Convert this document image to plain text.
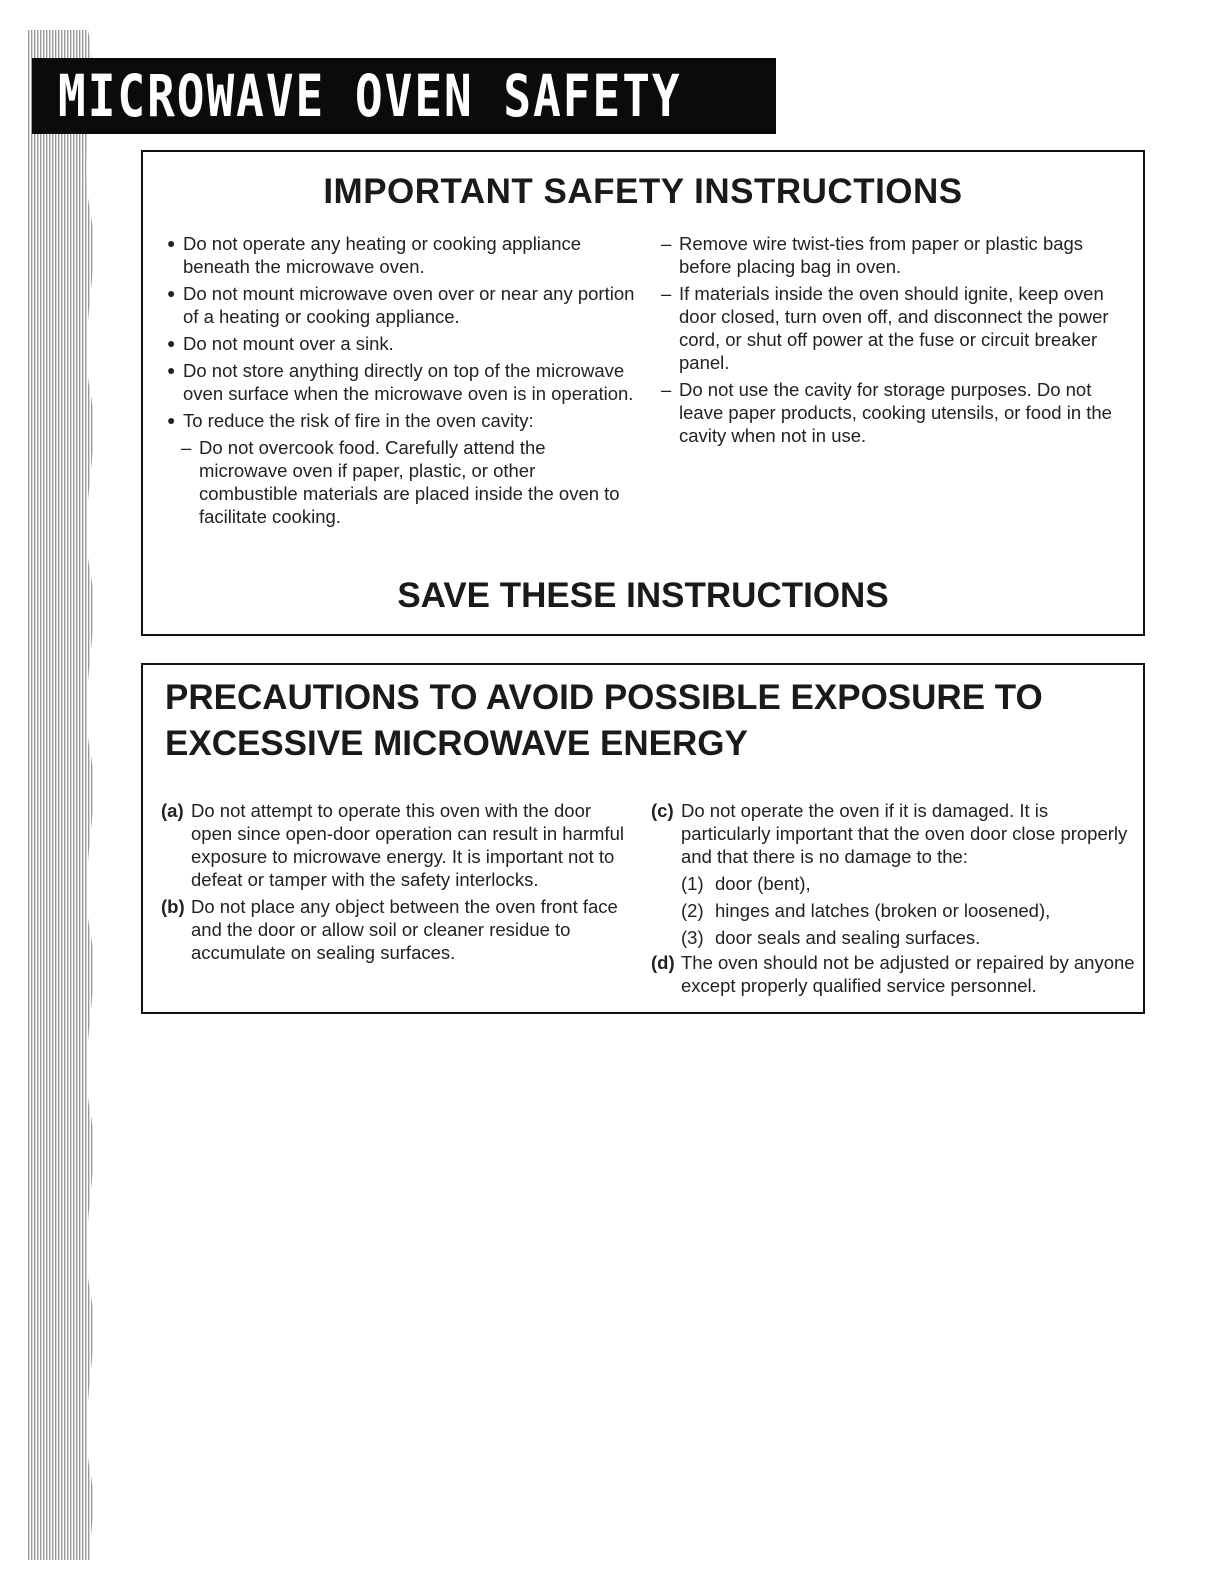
MICROWAVE OVEN SAFETY
IMPORTANT SAFETY INSTRUCTIONS
● Do not operate any heating or cooking appliance beneath the microwave oven.
● Do not mount microwave oven over or near any portion of a heating or cooking appliance.
● Do not mount over a sink.
● Do not store anything directly on top of the microwave oven surface when the microwave oven is in operation.
● To reduce the risk of fire in the oven cavity:
– Do not overcook food. Carefully attend the microwave oven if paper, plastic, or other combustible materials are placed inside the oven to facilitate cooking.
– Remove wire twist-ties from paper or plastic bags before placing bag in oven.
– If materials inside the oven should ignite, keep oven door closed, turn oven off, and disconnect the power cord, or shut off power at the fuse or circuit breaker panel.
– Do not use the cavity for storage purposes. Do not leave paper products, cooking utensils, or food in the cavity when not in use.
SAVE THESE INSTRUCTIONS
PRECAUTIONS TO AVOID POSSIBLE EXPOSURE TO EXCESSIVE MICROWAVE ENERGY
(a) Do not attempt to operate this oven with the door open since open-door operation can result in harmful exposure to microwave energy. It is important not to defeat or tamper with the safety interlocks.
(b) Do not place any object between the oven front face and the door or allow soil or cleaner residue to accumulate on sealing surfaces.
(c) Do not operate the oven if it is damaged. It is particularly important that the oven door close properly and that there is no damage to the:
(1) door (bent),
(2) hinges and latches (broken or loosened),
(3) door seals and sealing surfaces.
(d) The oven should not be adjusted or repaired by anyone except properly qualified service personnel.
